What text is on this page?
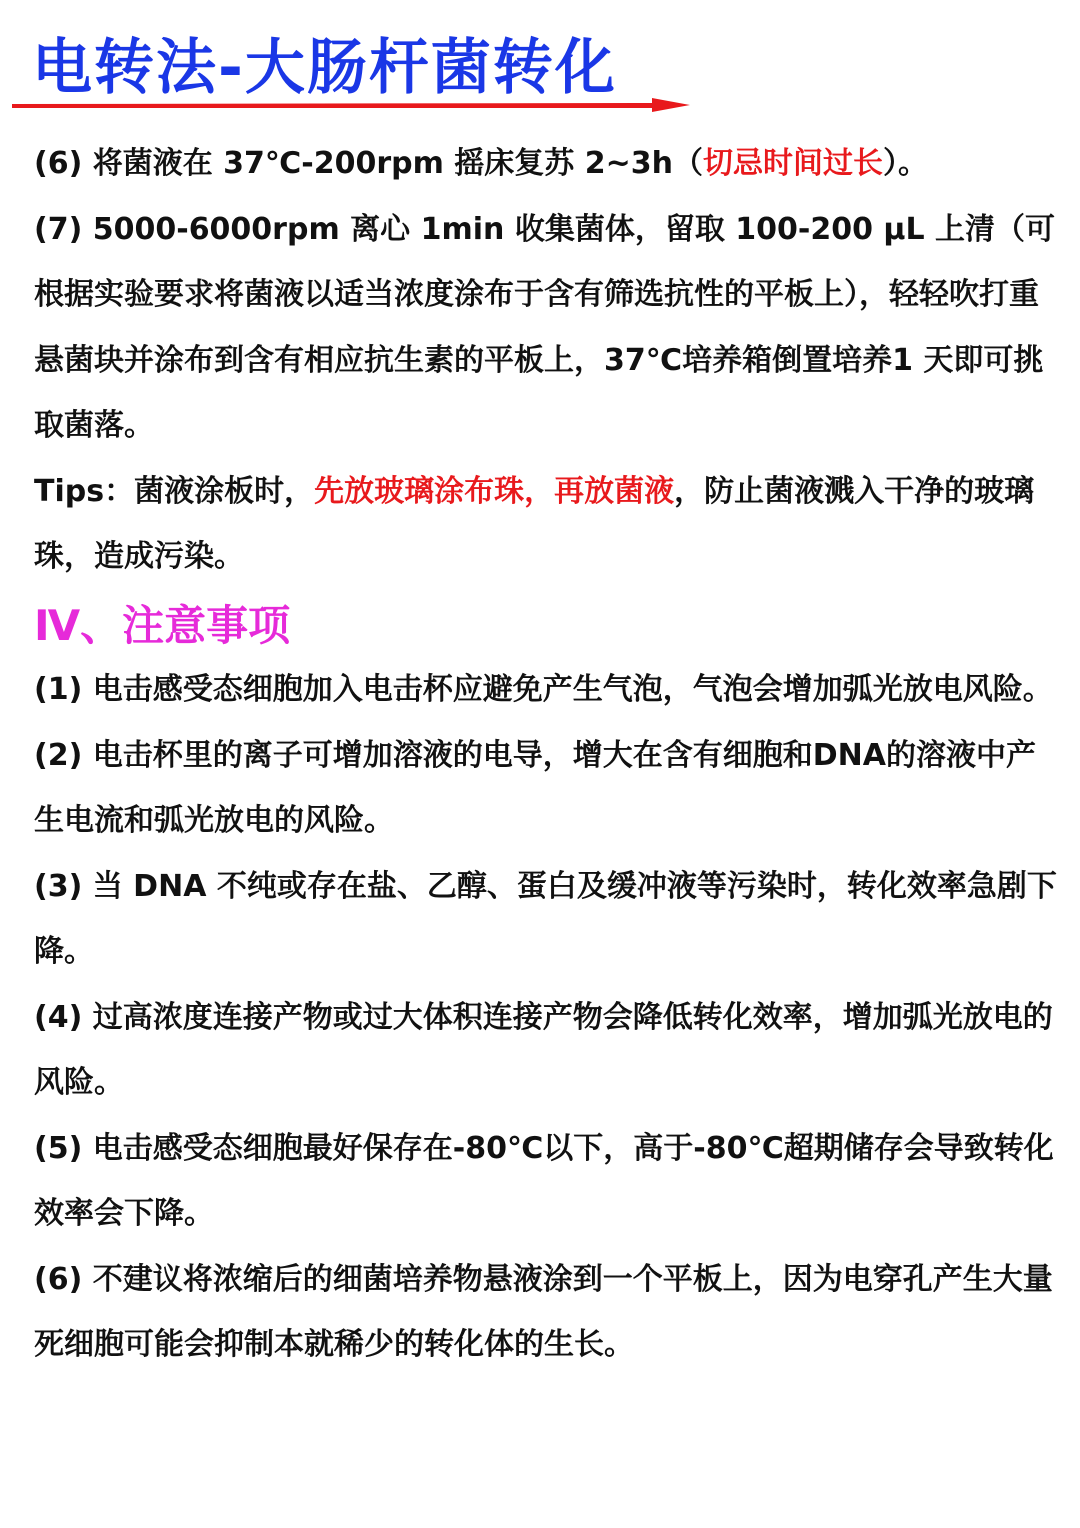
电转法-大肠杆菌转化

(6) 将菌液在 37℃-200rpm 摇床复苏 2~3h（切忌时间过长）。

(7) 5000-6000rpm 离心 1min 收集菌体，留取 100-200 μL 上清（可根据实验要求将菌液以适当浓度涂布于含有筛选抗性的平板上），轻轻吹打重悬菌块并涂布到含有相应抗生素的平板上，37℃培养箱倒置培养1 天即可挑取菌落。

Tips：菌液涂板时，先放玻璃涂布珠，再放菌液，防止菌液溅入干净的玻璃珠，造成污染。

Ⅳ、注意事项

(1) 电击感受态细胞加入电击杯应避免产生气泡，气泡会增加弧光放电风险。

(2) 电击杯里的离子可增加溶液的电导，增大在含有细胞和DNA的溶液中产生电流和弧光放电的风险。

(3) 当 DNA 不纯或存在盐、乙醇、蛋白及缓冲液等污染时，转化效率急剧下降。

(4) 过高浓度连接产物或过大体积连接产物会降低转化效率，增加弧光放电的风险。

(5) 电击感受态细胞最好保存在-80℃以下，高于-80℃超期储存会导致转化效率会下降。

(6) 不建议将浓缩后的细菌培养物悬液涂到一个平板上，因为电穿孔产生大量死细胞可能会抑制本就稀少的转化体的生长。
